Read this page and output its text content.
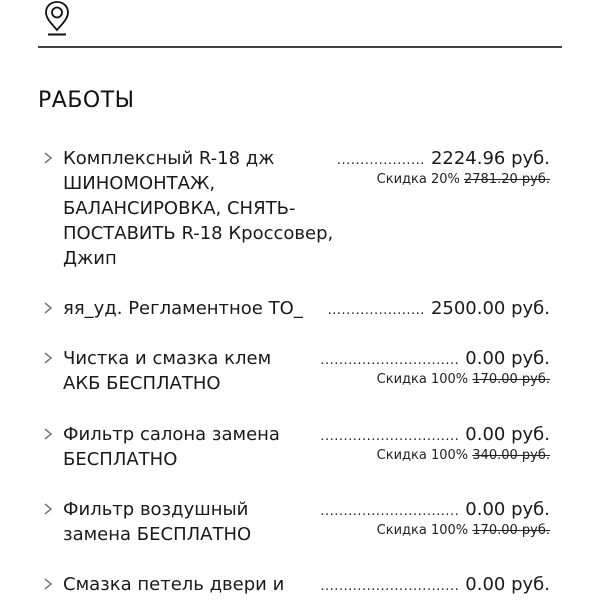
РАБОТЫ
Комплексный R-18 дж ШИНОМОНТАЖ, БАЛАНСИРОВКА, СНЯТЬ-ПОСТАВИТЬ R-18 Кроссовер, Джип
................... 2224.96 руб.
Скидка 20% 2781.20 руб.
яя_уд. Регламентное ТО_	..................... 2500.00 руб.
Чистка и смазка клем АКБ БЕСПЛАТНО
.............................. 0.00 руб.
Скидка 100% 170.00 руб.
Фильтр салона замена БЕСПЛАТНО
.............................. 0.00 руб.
Скидка 100% 340.00 руб.
Фильтр воздушный замена БЕСПЛАТНО
.............................. 0.00 руб.
Скидка 100% 170.00 руб.
Смазка петель двери и	.............................. 0.00 руб.
